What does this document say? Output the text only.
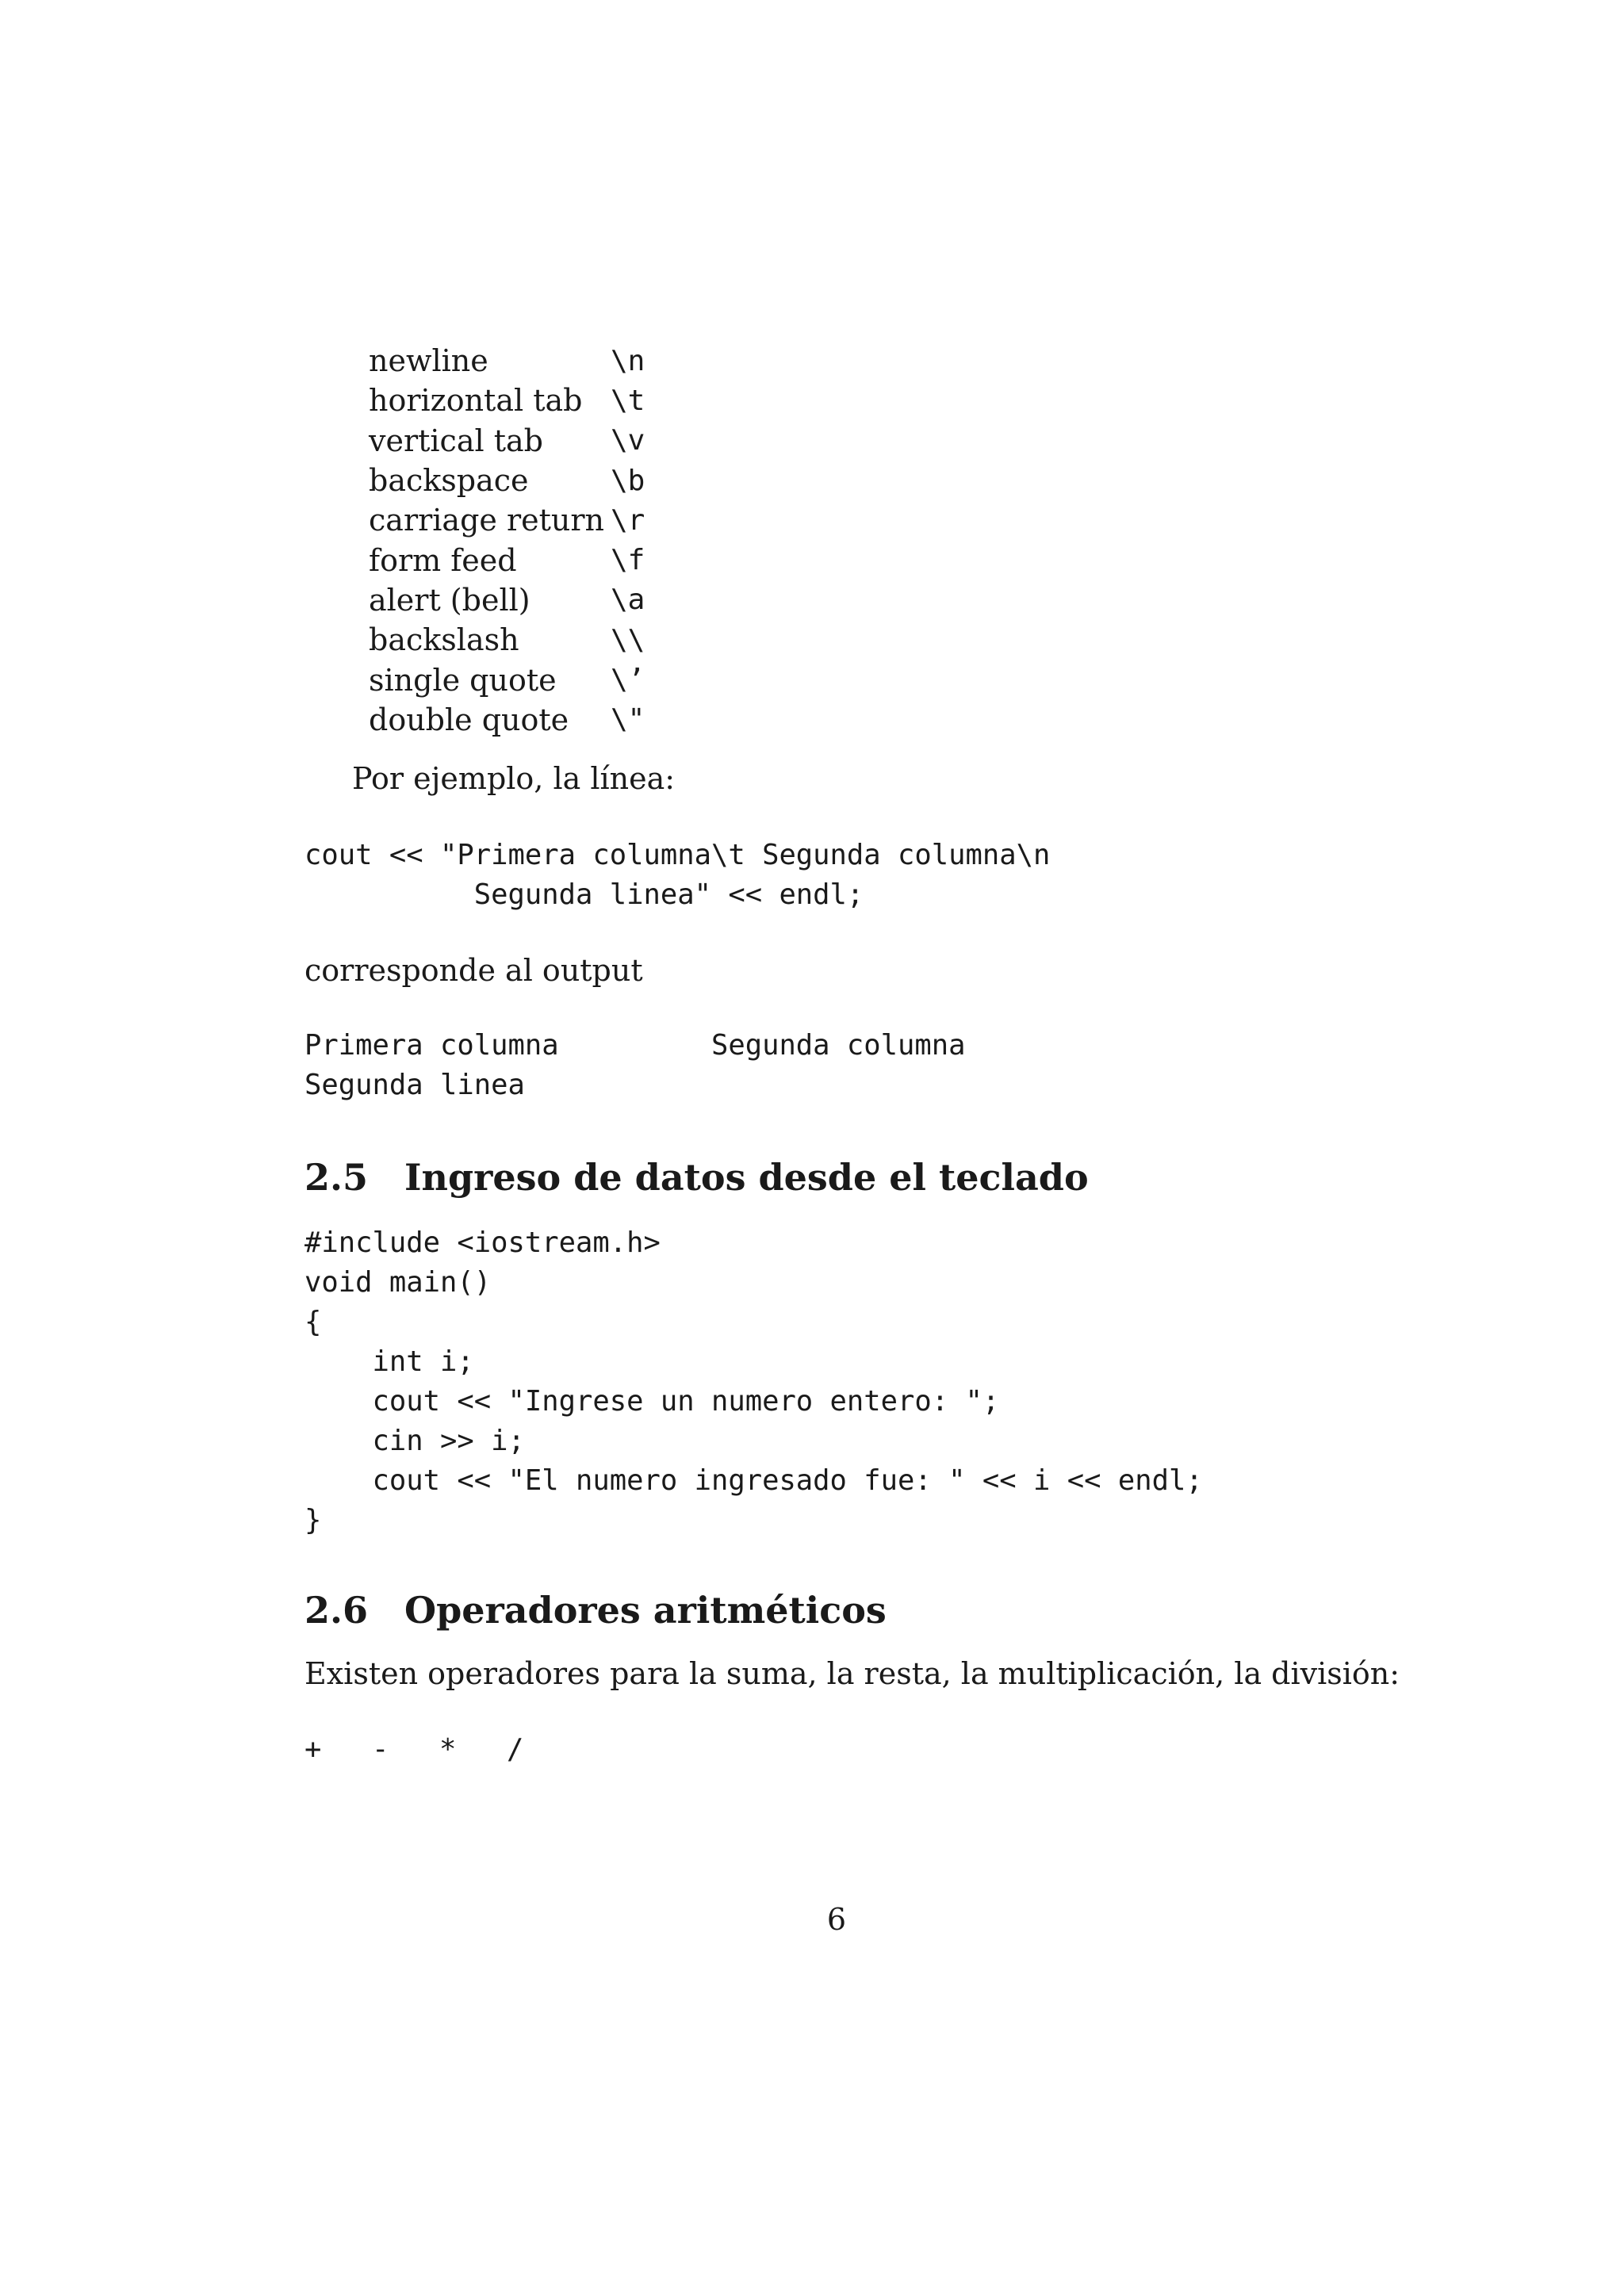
newline	\n
horizontal tab	\t
vertical tab	\v
backspace	\b
carriage return	\r
form feed	\f
alert (bell)	\a
backslash	\\
single quote	\’
double quote	\"

Por ejemplo, la línea:

cout << "Primera columna\t Segunda columna\n
Segunda linea" << endl;

corresponde al output

Primera columna         Segunda columna
Segunda linea
2.5 Ingreso de datos desde el teclado
#include <iostream.h>
void main()
{
int i;
cout << "Ingrese un numero entero: ";
cin >> i;
cout << "El numero ingresado fue: " << i << endl;
}
2.6 Operadores aritméticos

Existen operadores para la suma, la resta, la multiplicación, la división:

+ - * /
6
